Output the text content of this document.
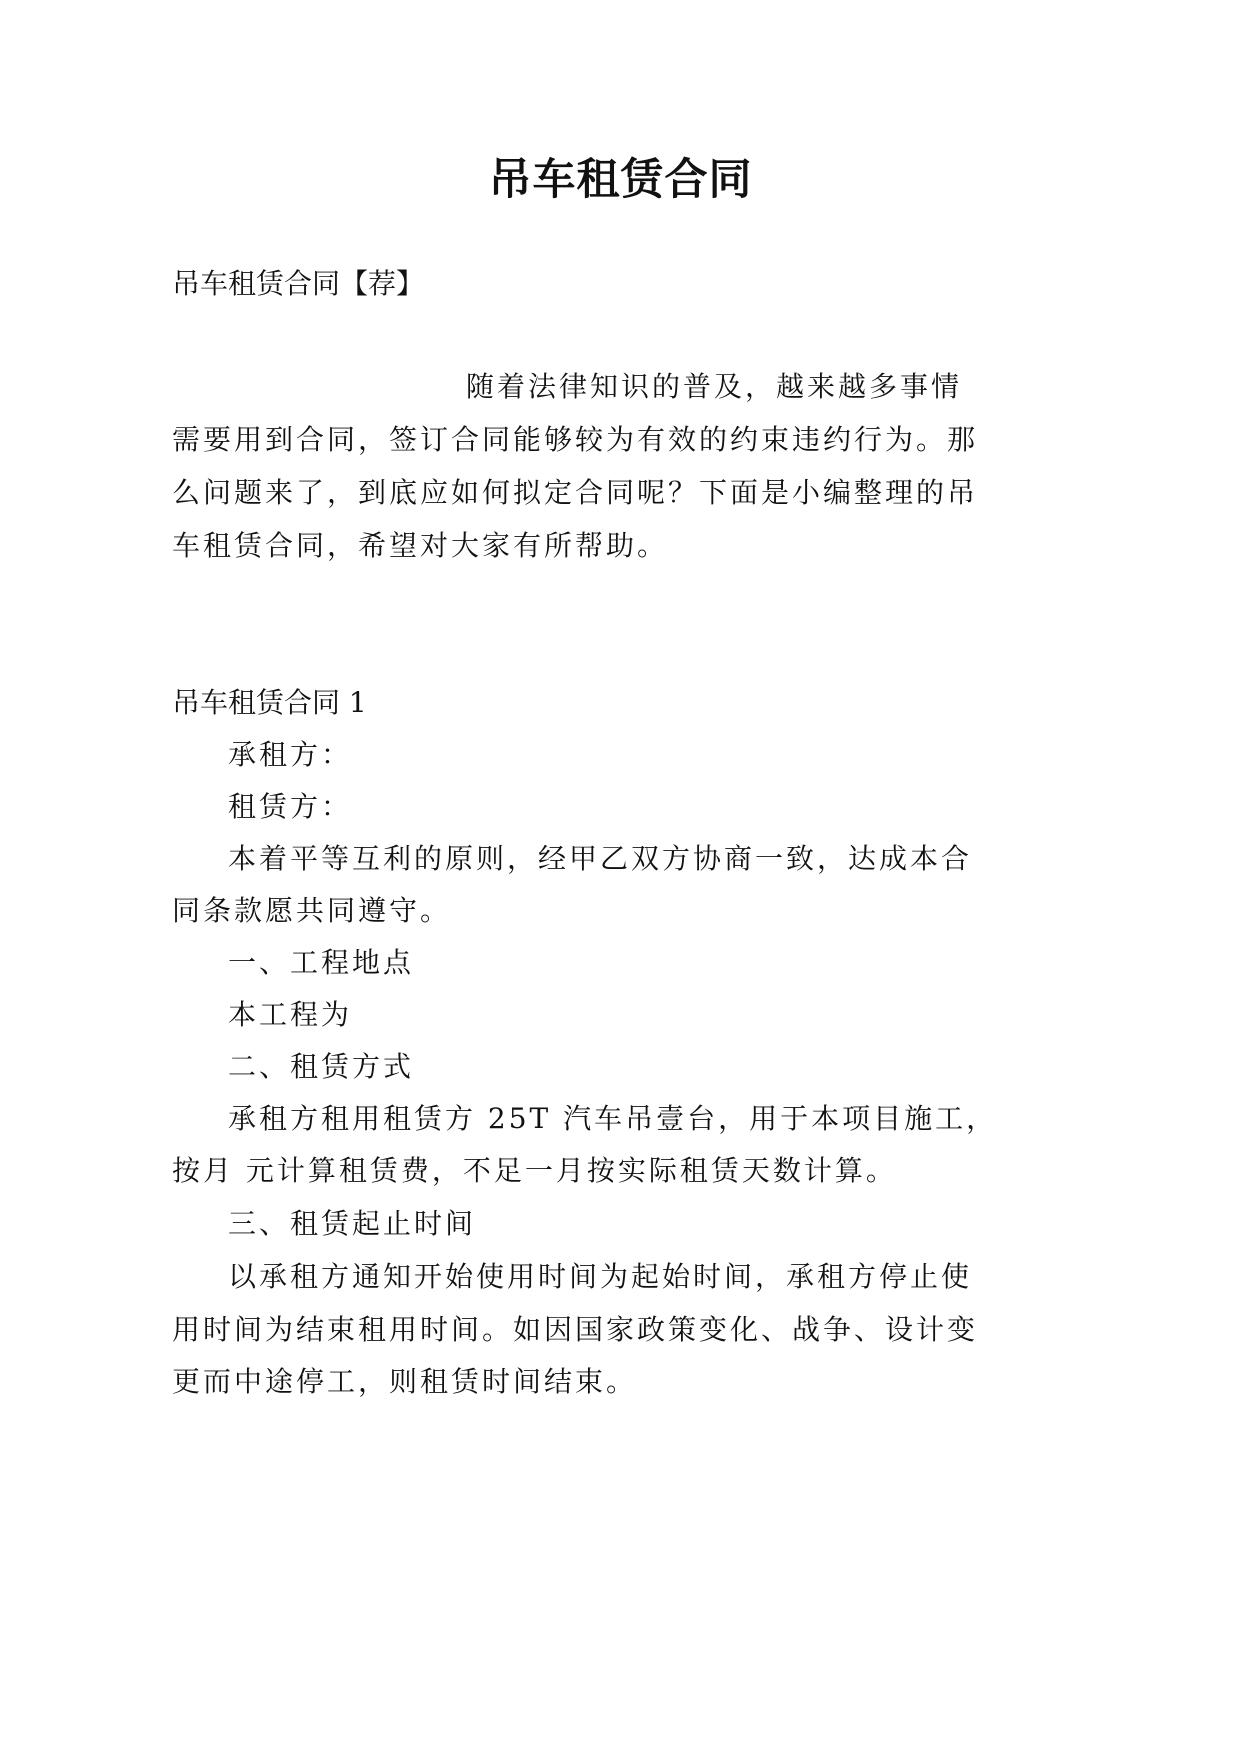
吊车租赁合同

吊车租赁合同【荐】

随着法律知识的普及，越来越多事情

需要用到合同，签订合同能够较为有效的约束违约行为。那

么问题来了，到底应如何拟定合同呢？下面是小编整理的吊

车租赁合同，希望对大家有所帮助。

吊车租赁合同 1

承租方：

租赁方：

本着平等互利的原则，经甲乙双方协商一致，达成本合

同条款愿共同遵守。

一、工程地点

本工程为

二、租赁方式

承租方租用租赁方 25T 汽车吊壹台，用于本项目施工，

按月 元计算租赁费，不足一月按实际租赁天数计算。

三、租赁起止时间

以承租方通知开始使用时间为起始时间，承租方停止使

用时间为结束租用时间。如因国家政策变化、战争、设计变

更而中途停工，则租赁时间结束。
